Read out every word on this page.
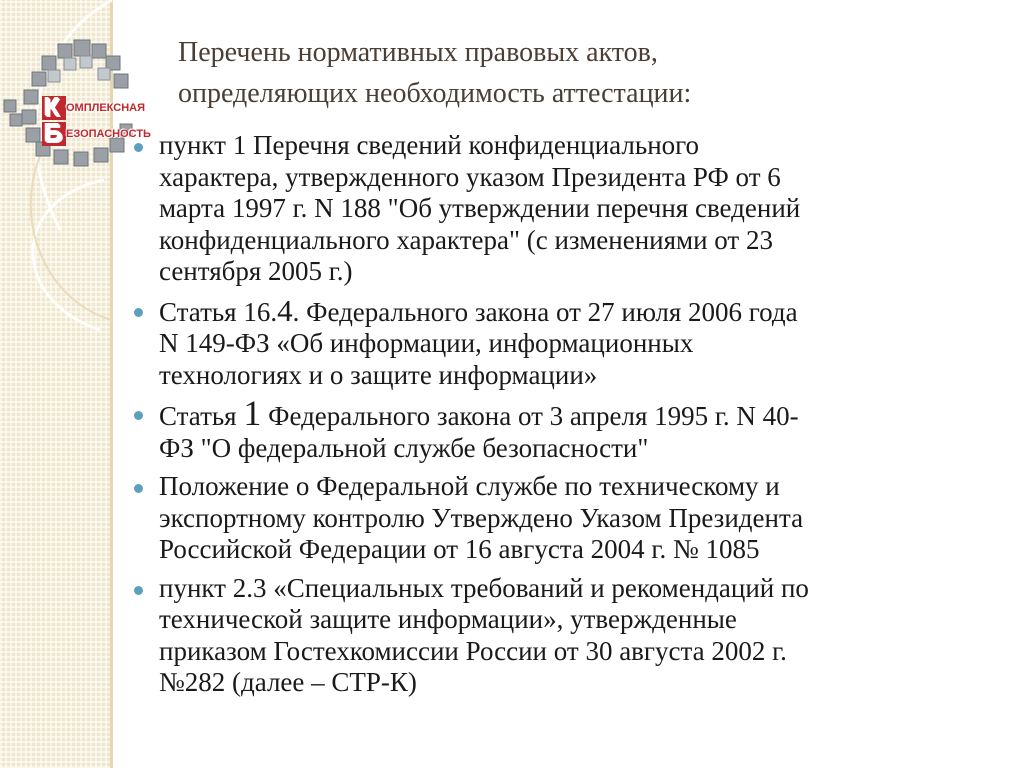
К ОМПЛЕКСНАЯ
Б ЕЗОПАСНОСТЬ
Перечень нормативных правовых актов,
определяющих необходимость аттестации:
пункт 1 Перечня сведений конфиденциального
характера, утвержденного указом Президента РФ от 6
марта 1997 г. N 188 "Об утверждении перечня сведений
конфиденциального характера" (с изменениями от 23
сентября 2005 г.)
Статья 16.4. Федерального закона от 27 июля 2006 года
N 149-ФЗ «Об информации, информационных
технологиях и о защите информации»
Статья 1 Федерального закона от 3 апреля 1995 г. N 40-
ФЗ "О федеральной службе безопасности"
Положение о Федеральной службе по техническому и
экспортному контролю Утверждено Указом Президента
Российской Федерации от 16 августа 2004 г. № 1085
пункт 2.3 «Специальных требований и рекомендаций по
технической защите информации», утвержденные
приказом Гостехкомиссии России от 30 августа 2002 г.
№282 (далее – СТР-К)
